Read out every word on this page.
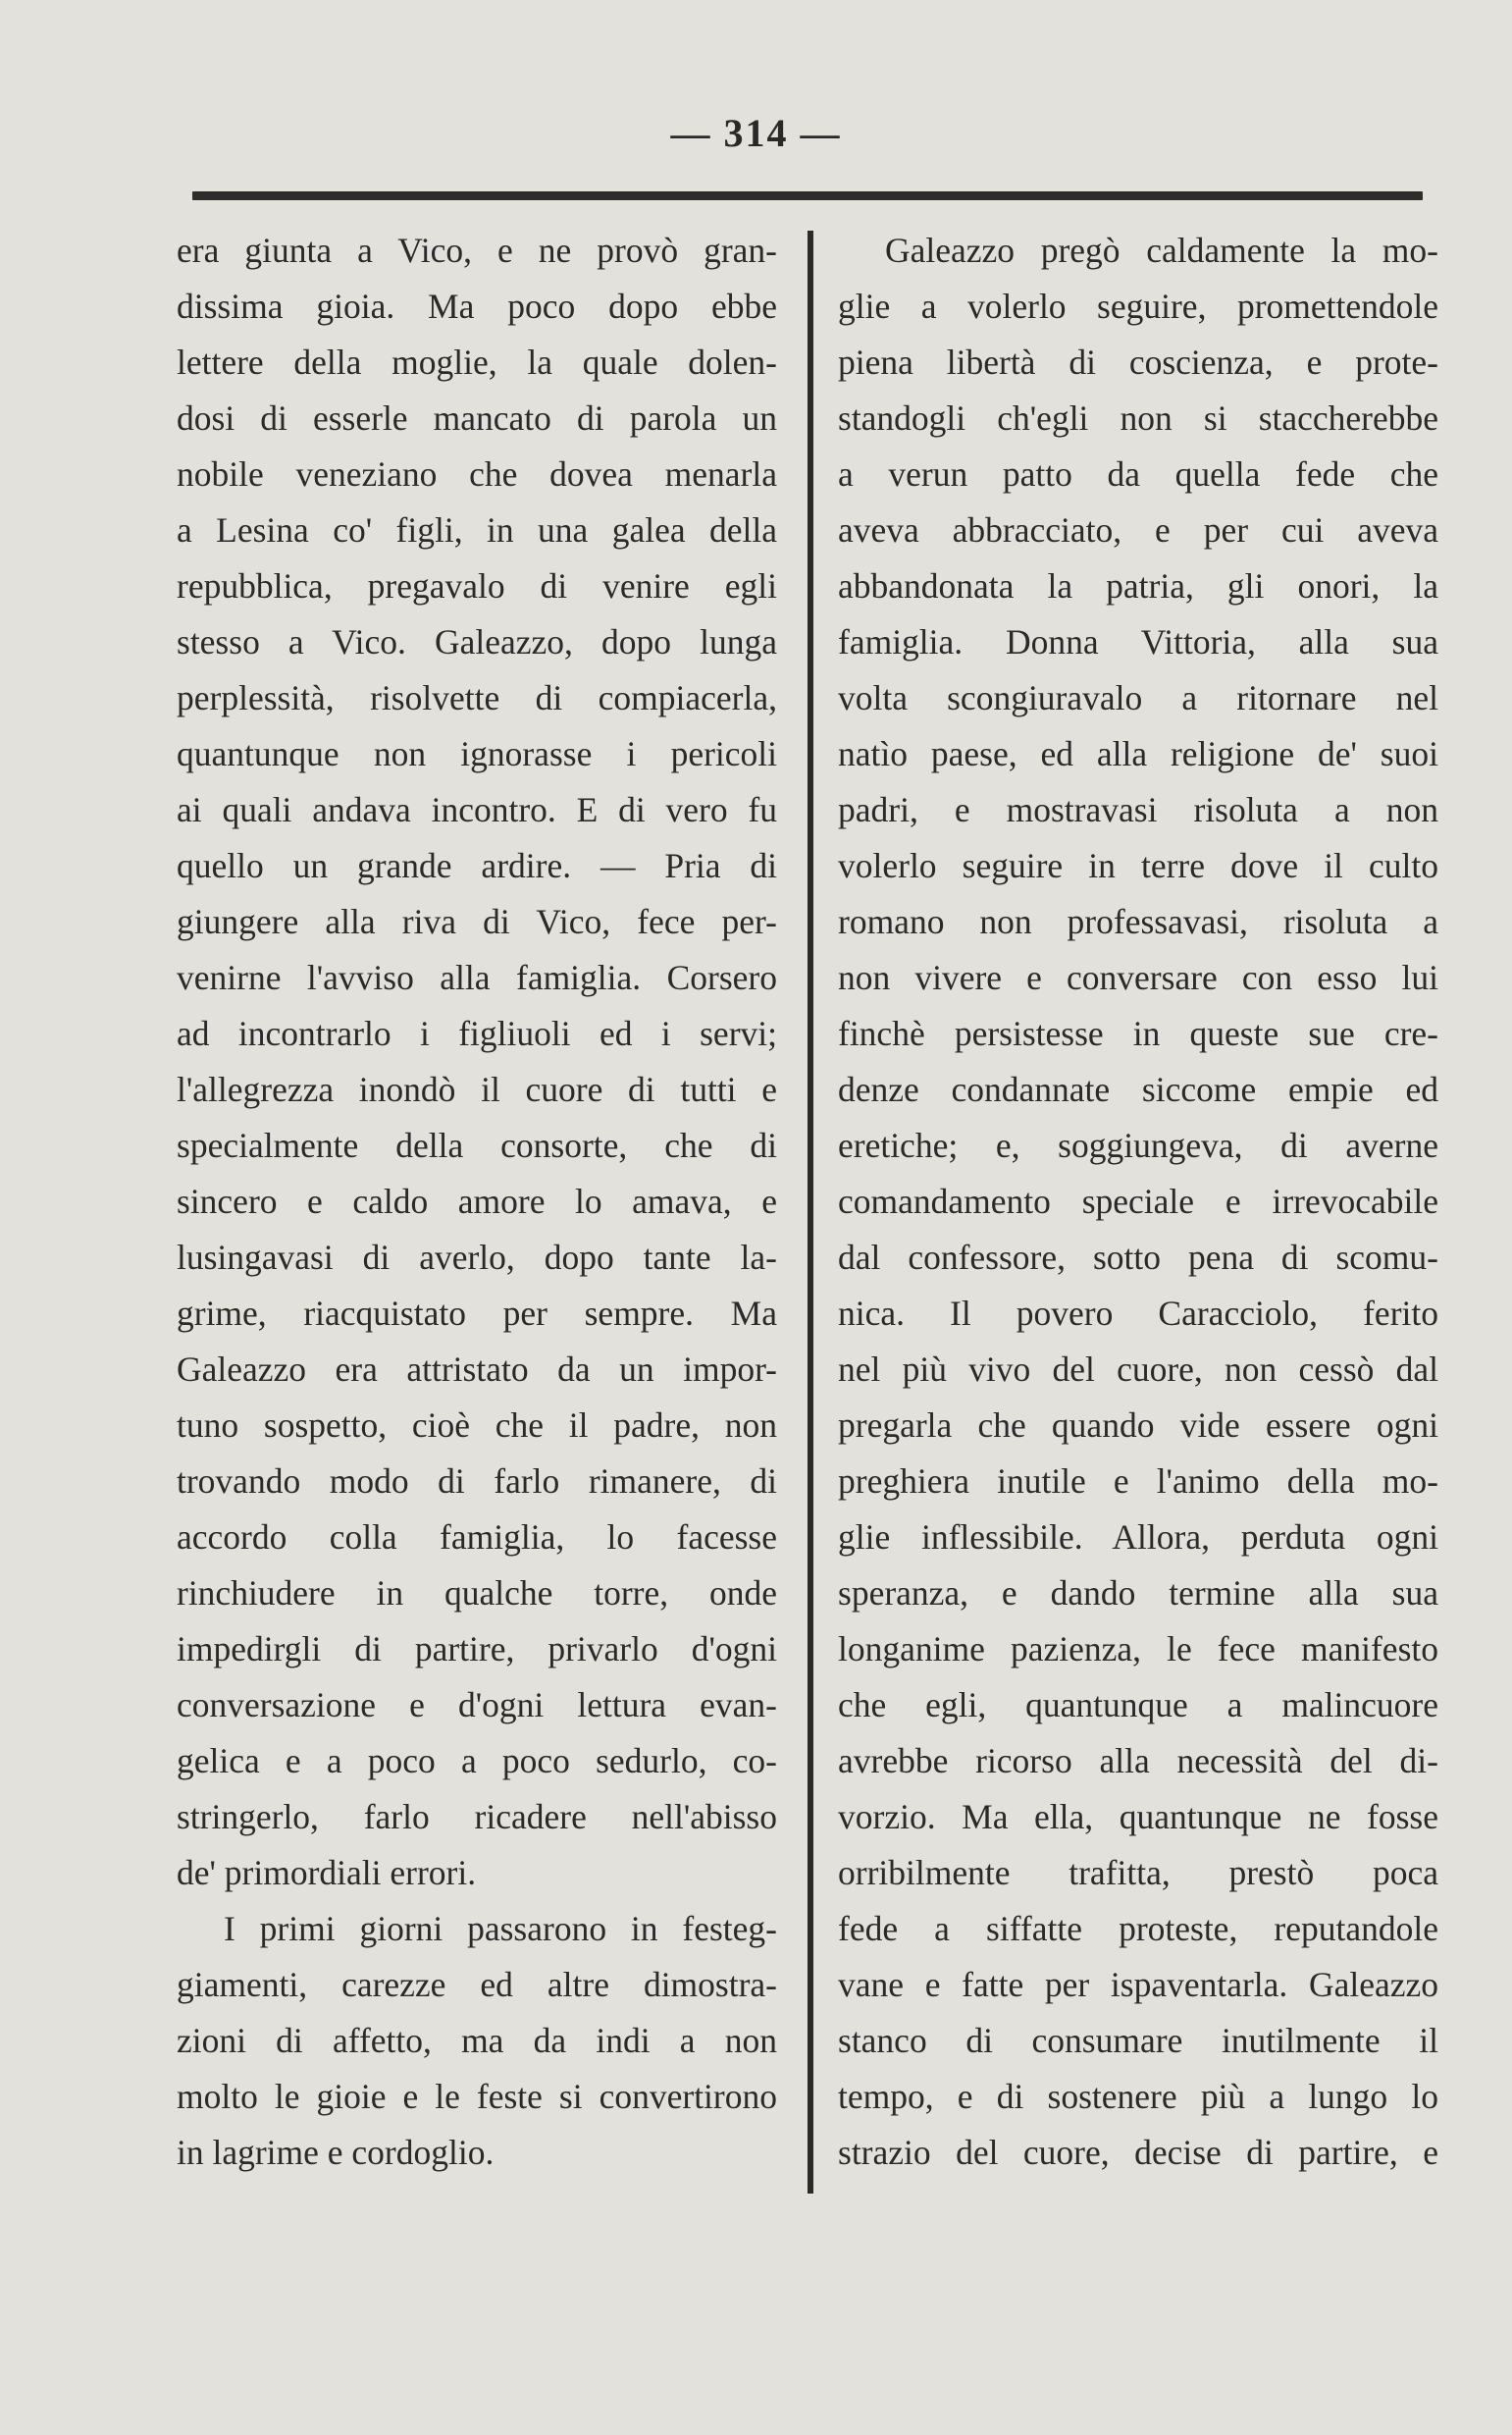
— 314 —
era giunta a Vico, e ne provò gran-
dissima gioia. Ma poco dopo ebbe
lettere della moglie, la quale dolen-
dosi di esserle mancato di parola un
nobile veneziano che dovea menarla
a Lesina co' figli, in una galea della
repubblica, pregavalo di venire egli
stesso a Vico. Galeazzo, dopo lunga
perplessità, risolvette di compiacerla,
quantunque non ignorasse i pericoli
ai quali andava incontro. E di vero fu
quello un grande ardire. — Pria di
giungere alla riva di Vico, fece per-
venirne l'avviso alla famiglia. Corsero
ad incontrarlo i figliuoli ed i servi;
l'allegrezza inondò il cuore di tutti e
specialmente della consorte, che di
sincero e caldo amore lo amava, e
lusingavasi di averlo, dopo tante la-
grime, riacquistato per sempre. Ma
Galeazzo era attristato da un impor-
tuno sospetto, cioè che il padre, non
trovando modo di farlo rimanere, di
accordo colla famiglia, lo facesse
rinchiudere in qualche torre, onde
impedirgli di partire, privarlo d'ogni
conversazione e d'ogni lettura evan-
gelica e a poco a poco sedurlo, co-
stringerlo, farlo ricadere nell'abisso
de' primordiali errori.
I primi giorni passarono in festeg-
giamenti, carezze ed altre dimostra-
zioni di affetto, ma da indi a non
molto le gioie e le feste si convertirono
in lagrime e cordoglio.
Galeazzo pregò caldamente la mo-
glie a volerlo seguire, promettendole
piena libertà di coscienza, e prote-
standogli ch'egli non si staccherebbe
a verun patto da quella fede che
aveva abbracciato, e per cui aveva
abbandonata la patria, gli onori, la
famiglia. Donna Vittoria, alla sua
volta scongiuravalo a ritornare nel
natìo paese, ed alla religione de' suoi
padri, e mostravasi risoluta a non
volerlo seguire in terre dove il culto
romano non professavasi, risoluta a
non vivere e conversare con esso lui
finchè persistesse in queste sue cre-
denze condannate siccome empie ed
eretiche; e, soggiungeva, di averne
comandamento speciale e irrevocabile
dal confessore, sotto pena di scomu-
nica. Il povero Caracciolo, ferito
nel più vivo del cuore, non cessò dal
pregarla che quando vide essere ogni
preghiera inutile e l'animo della mo-
glie inflessibile. Allora, perduta ogni
speranza, e dando termine alla sua
longanime pazienza, le fece manifesto
che egli, quantunque a malincuore
avrebbe ricorso alla necessità del di-
vorzio. Ma ella, quantunque ne fosse
orribilmente trafitta, prestò poca
fede a siffatte proteste, reputandole
vane e fatte per ispaventarla. Galeazzo
stanco di consumare inutilmente il
tempo, e di sostenere più a lungo lo
strazio del cuore, decise di partire, e
